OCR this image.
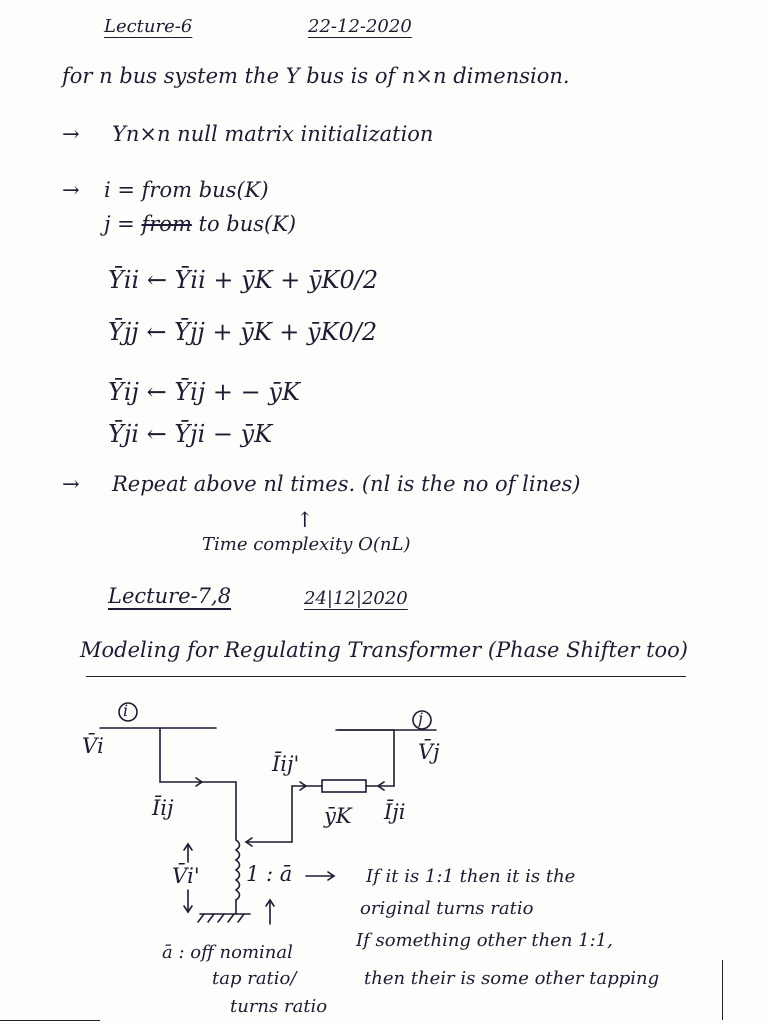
Lecture-6	22-12-2020
for n bus system the Y bus is of n×n dimension.
→ Yn×n null matrix initialization
→ i = from bus(K)
j = from to bus(K)
Ȳii ← Ȳii + ȳK + ȳK0/2
Ȳjj ← Ȳjj + ȳK + ȳK0/2
Ȳij ← Ȳij + − ȳK
Ȳji ← Ȳji − ȳK
→ Repeat above nl times. (nl is the no of lines)
↑
Time complexity O(nL)
Lecture-7,8	24|12|2020
Modeling for Regulating Transformer (Phase Shifter too)
i	j
V̄i	V̄j
Īij'
Īij	ȳK Īji
V̄i' 1 : ā	If it is 1:1 then it is the
original turns ratio
If something other then 1:1,
then their is some other tapping
ā : off nominal
tap ratio/
turns ratio
